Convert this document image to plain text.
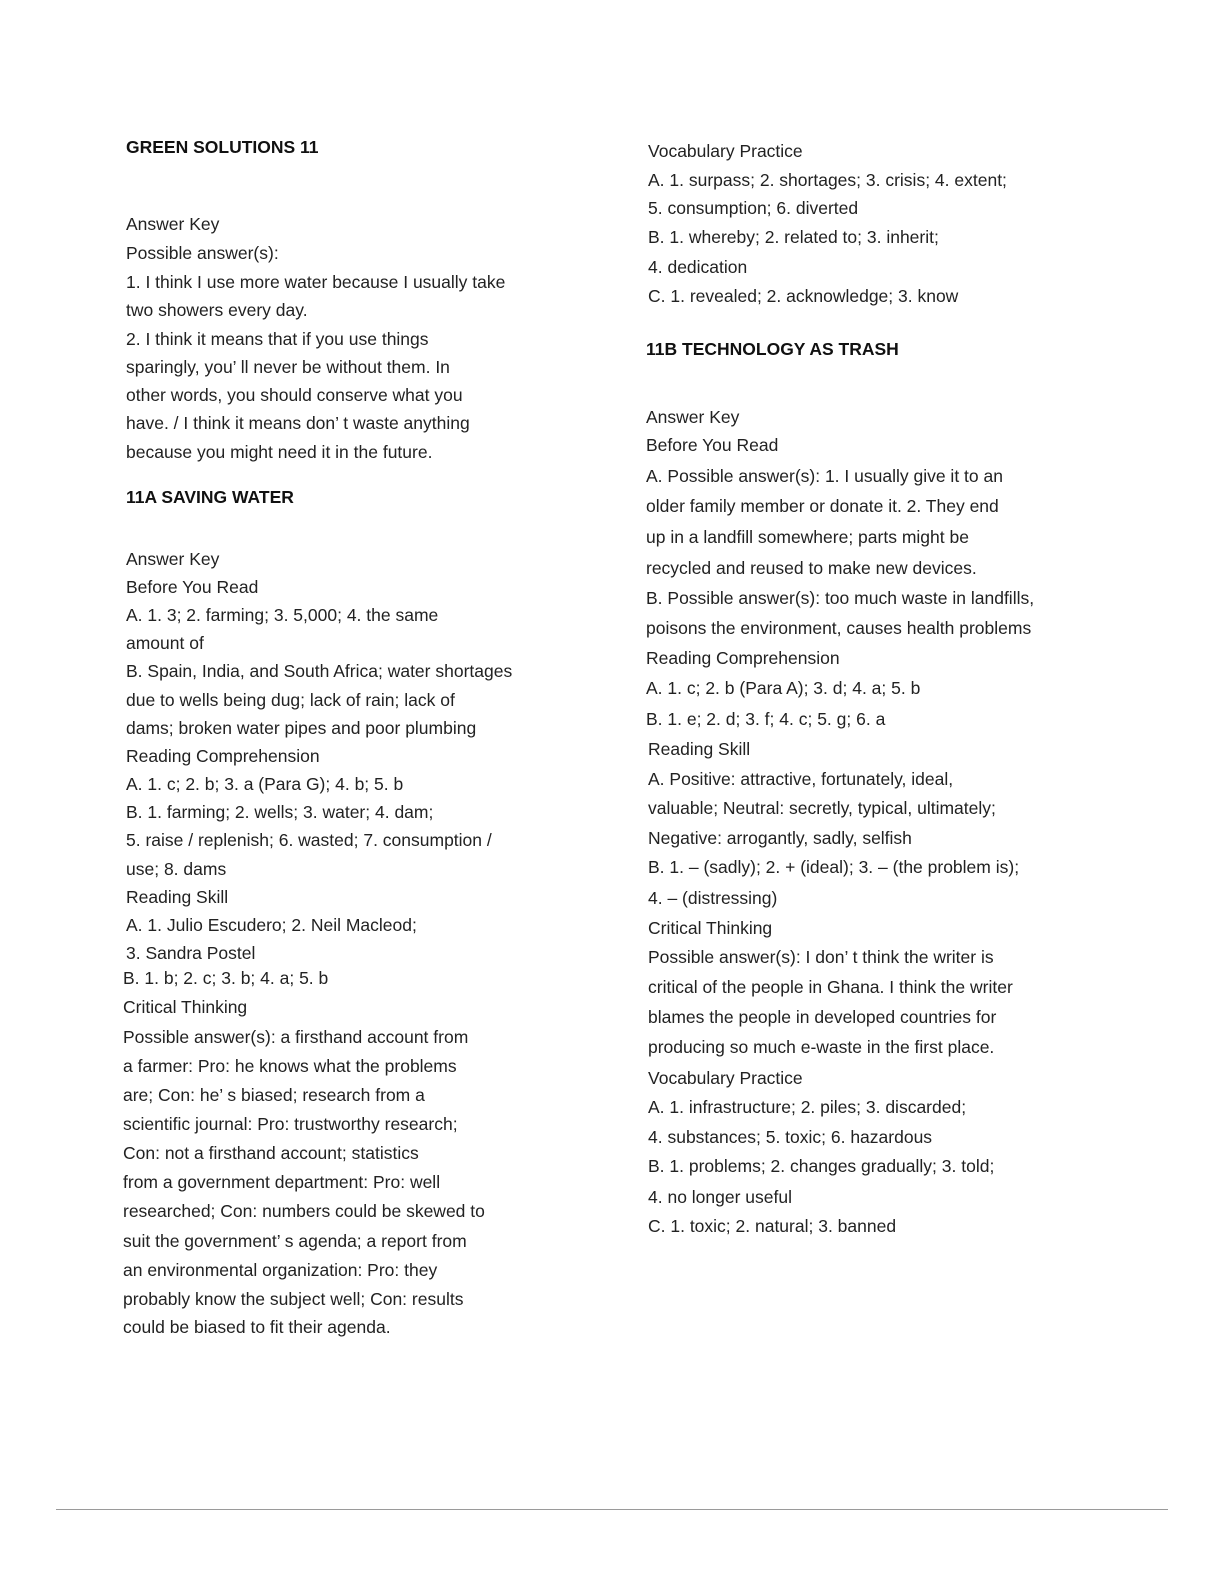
GREEN SOLUTIONS 11
Answer Key
Possible answer(s):
1. I think I use more water because I usually take
two showers every day.
2. I think it means that if you use things
sparingly, you’ ll never be without them. In
other words, you should conserve what you
have. / I think it means don’ t waste anything
because you might need it in the future.
11A SAVING WATER
Answer Key
Before You Read
A. 1. 3; 2. farming; 3. 5,000; 4. the same
amount of
B. Spain, India, and South Africa; water shortages
due to wells being dug; lack of rain; lack of
dams; broken water pipes and poor plumbing
Reading Comprehension
A. 1. c; 2. b; 3. a (Para G); 4. b; 5. b
B. 1. farming; 2. wells; 3. water; 4. dam;
5. raise / replenish; 6. wasted; 7. consumption /
use; 8. dams
Reading Skill
A. 1. Julio Escudero; 2. Neil Macleod;
3. Sandra Postel
B. 1. b; 2. c; 3. b; 4. a; 5. b
Critical Thinking
Possible answer(s): a firsthand account from
a farmer: Pro: he knows what the problems
are; Con: he’ s biased; research from a
scientific journal: Pro: trustworthy research;
Con: not a firsthand account; statistics
from a government department: Pro: well
researched; Con: numbers could be skewed to
suit the government’ s agenda; a report from
an environmental organization: Pro: they
probably know the subject well; Con: results
could be biased to fit their agenda.
Vocabulary Practice
A. 1. surpass; 2. shortages; 3. crisis; 4. extent;
5. consumption; 6. diverted
B. 1. whereby; 2. related to; 3. inherit;
4. dedication
C. 1. revealed; 2. acknowledge; 3. know
11B TECHNOLOGY AS TRASH
Answer Key
Before You Read
A. Possible answer(s): 1. I usually give it to an
older family member or donate it. 2. They end
up in a landfill somewhere; parts might be
recycled and reused to make new devices.
B. Possible answer(s): too much waste in landfills,
poisons the environment, causes health problems
Reading Comprehension
A. 1. c; 2. b (Para A); 3. d; 4. a; 5. b
B. 1. e; 2. d; 3. f; 4. c; 5. g; 6. a
Reading Skill
A. Positive: attractive, fortunately, ideal,
valuable; Neutral: secretly, typical, ultimately;
Negative: arrogantly, sadly, selfish
B. 1. – (sadly); 2. + (ideal); 3. – (the problem is);
4. – (distressing)
Critical Thinking
Possible answer(s): I don’ t think the writer is
critical of the people in Ghana. I think the writer
blames the people in developed countries for
producing so much e-waste in the first place.
Vocabulary Practice
A. 1. infrastructure; 2. piles; 3. discarded;
4. substances; 5. toxic; 6. hazardous
B. 1. problems; 2. changes gradually; 3. told;
4. no longer useful
C. 1. toxic; 2. natural; 3. banned
